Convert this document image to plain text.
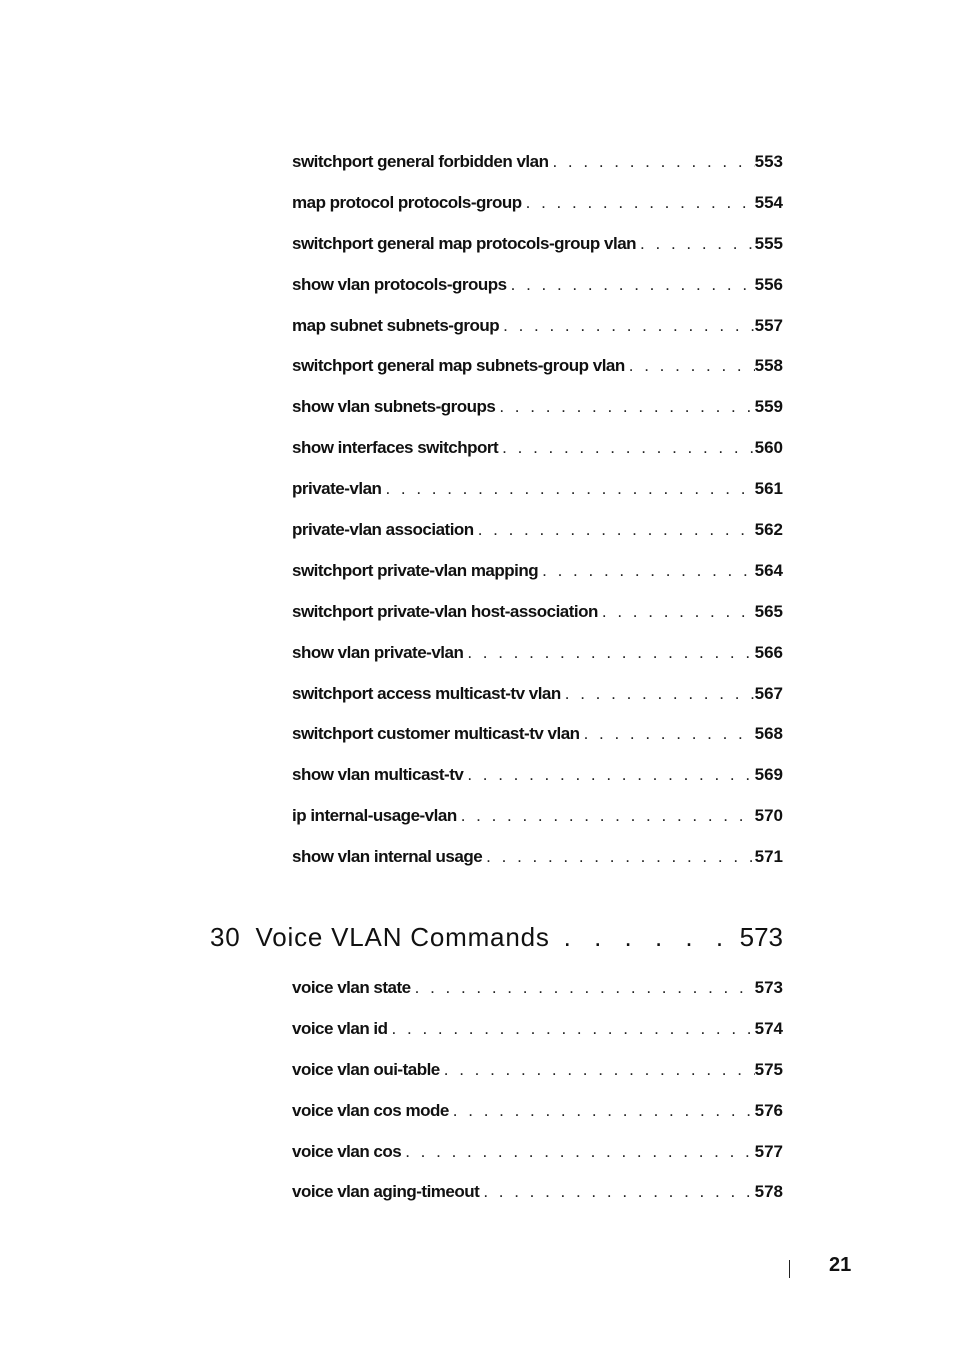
switchport general forbidden vlan . . .	553
map protocol protocols-group . . .	554
switchport general map protocols-group vlan . . .	555
show vlan protocols-groups . . .	556
map subnet subnets-group . . .	557
switchport general map subnets-group vlan . . .	558
show vlan subnets-groups . . .	559
show interfaces switchport . . .	560
private-vlan . . .	561
private-vlan association . . .	562
switchport private-vlan mapping . . .	564
switchport private-vlan host-association . . .	565
show vlan private-vlan . . .	566
switchport access multicast-tv vlan . . .	567
switchport customer multicast-tv vlan . . .	568
show vlan multicast-tv . . .	569
ip internal-usage-vlan . . .	570
show vlan internal usage . . .	571
30 Voice VLAN Commands . . .	573
voice vlan state . . .	573
voice vlan id . . .	574
voice vlan oui-table . . .	575
voice vlan cos mode . . .	576
voice vlan cos . . .	577
voice vlan aging-timeout . . .	578
21
